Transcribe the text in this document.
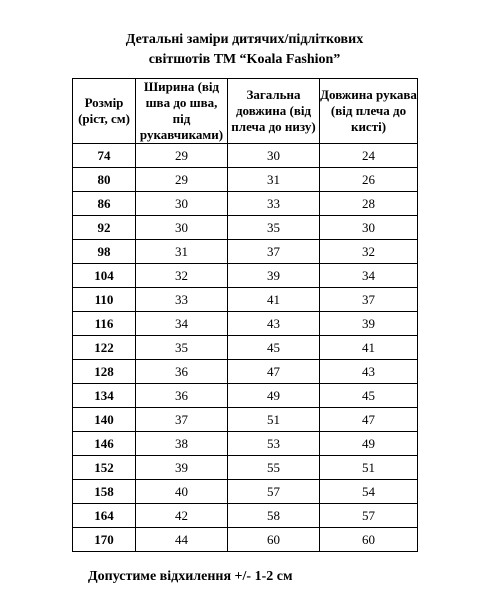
Детальні заміри дитячих/підліткових
світшотів ТМ “Koala Fashion”
Розмір (ріст, см)	Ширина (від шва до шва, під рукавчиками)	Загальна довжина (від плеча до низу)	Довжина рукава (від плеча до кисті)
74	29	30	24
80	29	31	26
86	30	33	28
92	30	35	30
98	31	37	32
104	32	39	34
110	33	41	37
116	34	43	39
122	35	45	41
128	36	47	43
134	36	49	45
140	37	51	47
146	38	53	49
152	39	55	51
158	40	57	54
164	42	58	57
170	44	60	60
Допустиме відхилення +/- 1-2 см
